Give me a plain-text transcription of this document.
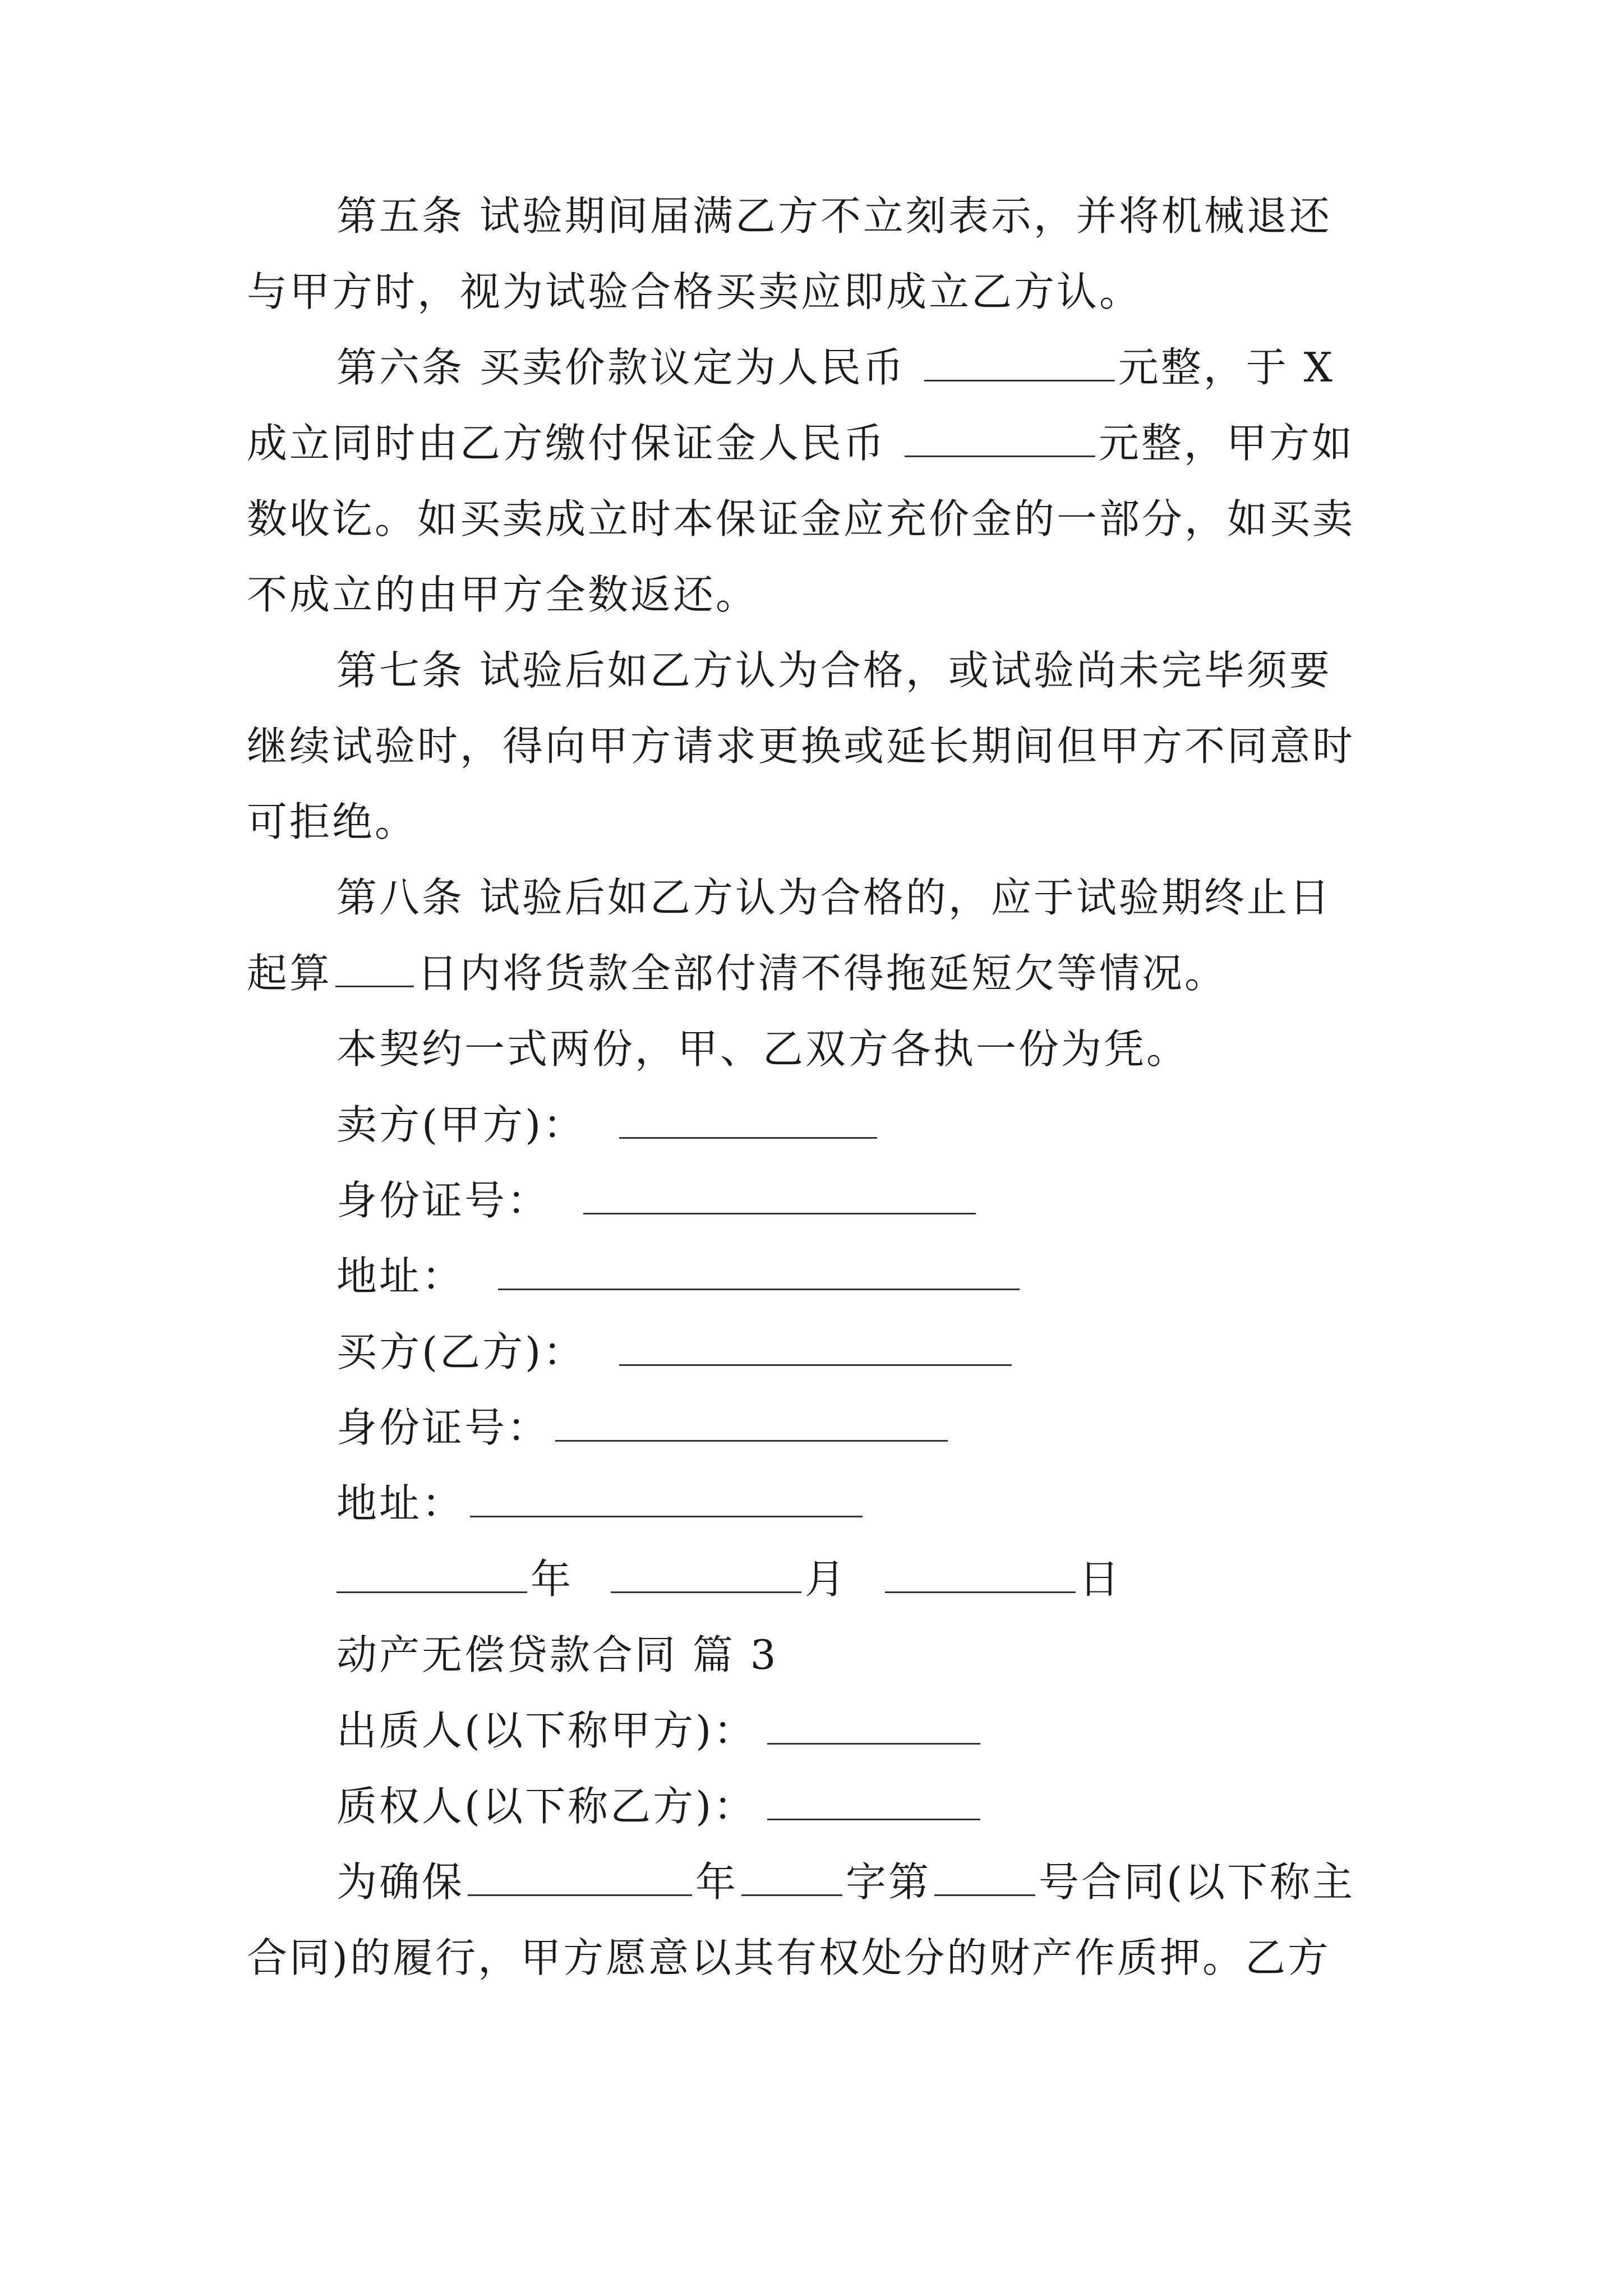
第五条 试验期间届满乙方不立刻表示，并将机械退还
与甲方时，视为试验合格买卖应即成立乙方认。
第六条 买卖价款议定为人民币	元整，于 X
成立同时由乙方缴付保证金人民币	元整，甲方如
数收讫。如买卖成立时本保证金应充价金的一部分，如买卖
不成立的由甲方全数返还。
第七条 试验后如乙方认为合格，或试验尚未完毕须要
继续试验时，得向甲方请求更换或延长期间但甲方不同意时
可拒绝。
第八条 试验后如乙方认为合格的，应于试验期终止日
起算 日内将货款全部付清不得拖延短欠等情况。
本契约一式两份，甲、乙双方各执一份为凭。
卖方(甲方)：
身份证号：
地址：
买方(乙方)：
身份证号：
地址：
年	月	日
动产无偿贷款合同 篇 3
出质人(以下称甲方)：
质权人(以下称乙方)：
为确保	年	字第	号合同(以下称主
合同)的履行，甲方愿意以其有权处分的财产作质押。乙方
